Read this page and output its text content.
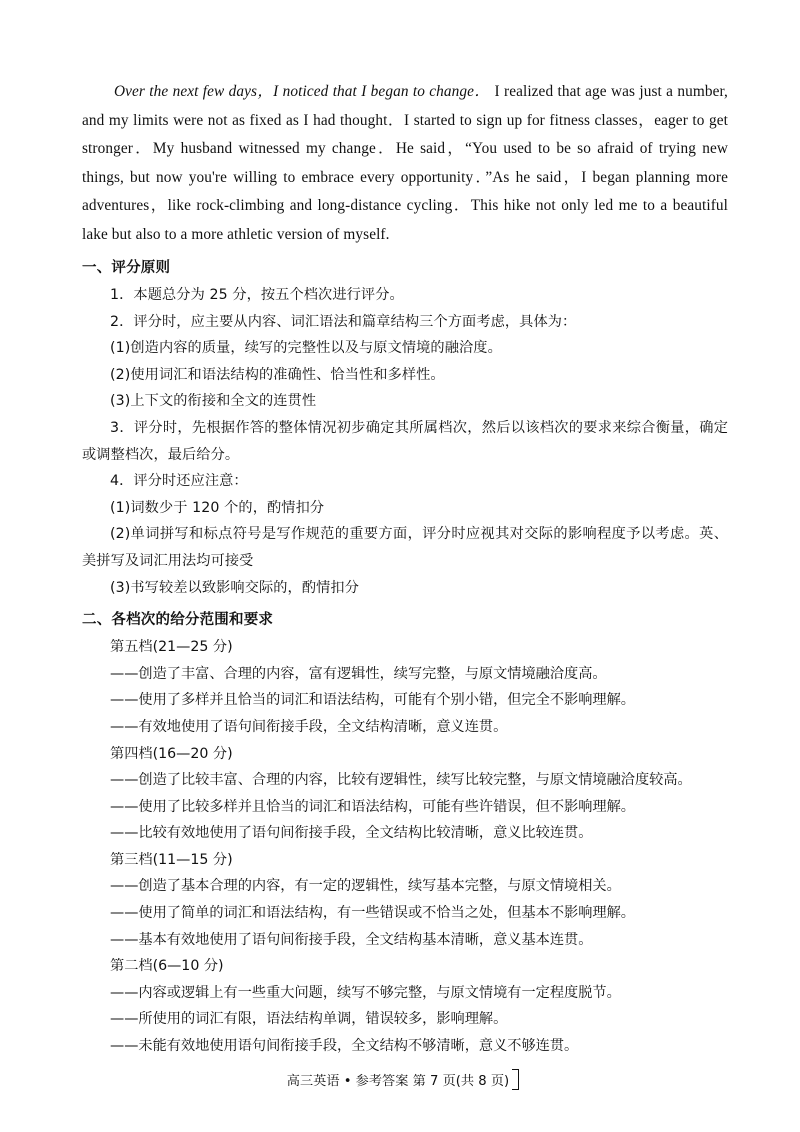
Over the next few days，I noticed that I began to change． I realized that age was just a number, and my limits were not as fixed as I had thought．I started to sign up for fitness classes，eager to get stronger．My husband witnessed my change．He said，“You used to be so afraid of trying new things, but now you're willing to embrace every opportunity．”As he said，I began planning more adventures，like rock-climbing and long-distance cycling．This hike not only led me to a beautiful lake but also to a more athletic version of myself.

一、评分原则

1．本题总分为 25 分，按五个档次进行评分。

2．评分时，应主要从内容、词汇语法和篇章结构三个方面考虑，具体为：

(1)创造内容的质量，续写的完整性以及与原文情境的融洽度。

(2)使用词汇和语法结构的准确性、恰当性和多样性。

(3)上下文的衔接和全文的连贯性

3．评分时，先根据作答的整体情况初步确定其所属档次，然后以该档次的要求来综合衡量，确定或调整档次，最后给分。

4．评分时还应注意：

(1)词数少于 120 个的，酌情扣分

(2)单词拼写和标点符号是写作规范的重要方面，评分时应视其对交际的影响程度予以考虑。英、美拼写及词汇用法均可接受

(3)书写较差以致影响交际的，酌情扣分

二、各档次的给分范围和要求

第五档(21—25 分)

——创造了丰富、合理的内容，富有逻辑性，续写完整，与原文情境融洽度高。

——使用了多样并且恰当的词汇和语法结构，可能有个别小错，但完全不影响理解。

——有效地使用了语句间衔接手段，全文结构清晰，意义连贯。

第四档(16—20 分)

——创造了比较丰富、合理的内容，比较有逻辑性，续写比较完整，与原文情境融洽度较高。

——使用了比较多样并且恰当的词汇和语法结构，可能有些许错误，但不影响理解。

——比较有效地使用了语句间衔接手段，全文结构比较清晰，意义比较连贯。

第三档(11—15 分)

——创造了基本合理的内容，有一定的逻辑性，续写基本完整，与原文情境相关。

——使用了简单的词汇和语法结构，有一些错误或不恰当之处，但基本不影响理解。

——基本有效地使用了语句间衔接手段，全文结构基本清晰，意义基本连贯。

第二档(6—10 分)

——内容或逻辑上有一些重大问题，续写不够完整，与原文情境有一定程度脱节。

——所使用的词汇有限，语法结构单调，错误较多，影响理解。

——未能有效地使用语句间衔接手段，全文结构不够清晰，意义不够连贯。

高三英语 • 参考答案 第 7 页(共 8 页)
